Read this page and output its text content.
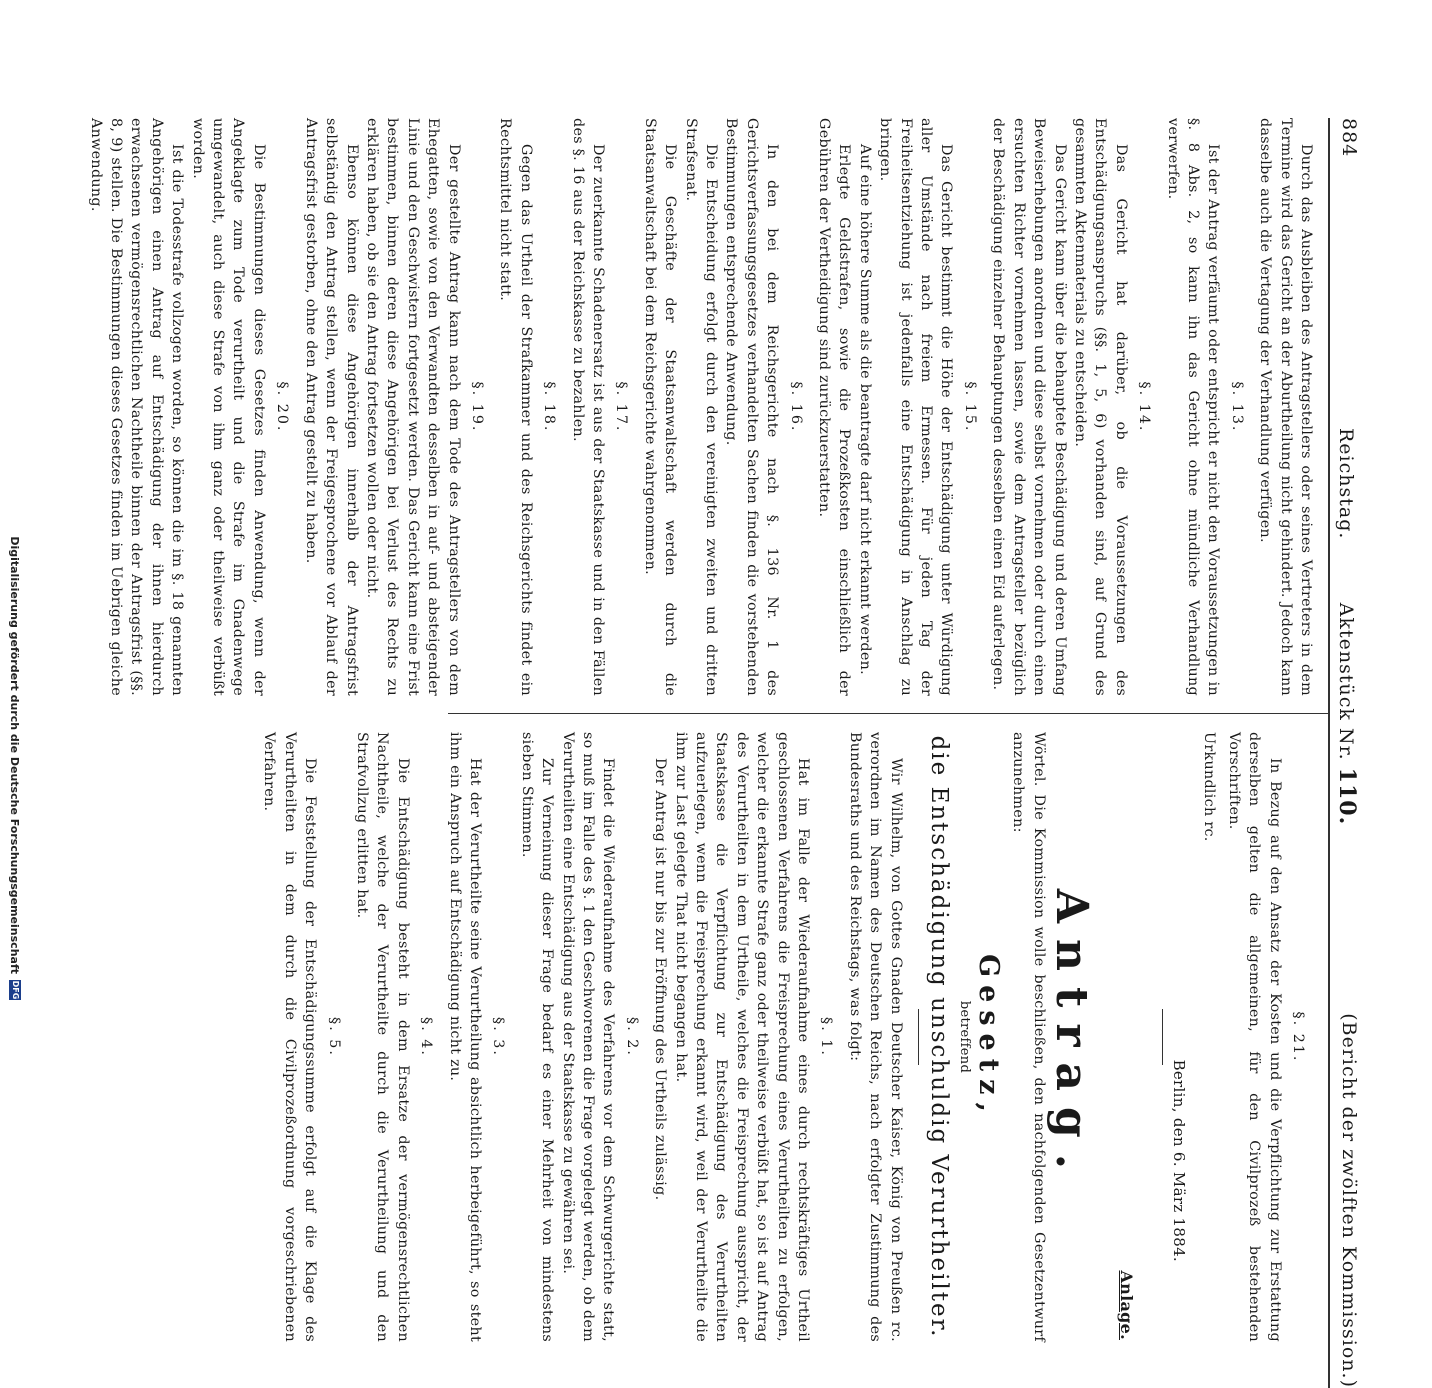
884
Reichstag.         Aktenstück Nr. 110.
(Bericht der zwölften Kommission.)

Durch das Ausbleiben des Antragstellers oder seines Vertreters in dem Termine wird das Gericht an der Aburtheilung nicht gehindert. Jedoch kann dasselbe auch die Vertagung der Verhandlung verfügen.

§. 13.

Ist der Antrag verfäumt oder entspricht er nicht den Voraussetzungen in §. 8 Abs. 2, so kann ihn das Gericht ohne mündliche Verhandlung verwerfen.

§. 14.

Das Gericht hat darüber, ob die Voraussetzungen des Entschädigungsanspruchs (§§. 1, 5, 6) vorhanden sind, auf Grund des gesammten Aktenmaterials zu entscheiden.

Das Gericht kann über die behauptete Beschädigung und deren Umfang Beweiserhebungen anordnen und diese selbst vornehmen oder durch einen ersuchten Richter vornehmen lassen, sowie dem Antragsteller bezüglich der Beschädigung einzelner Behauptungen desselben einen Eid auferlegen.

§. 15.

Das Gericht bestimmt die Höhe der Entschädigung unter Würdigung aller Umstände nach freiem Ermessen. Für jeden Tag der Freiheitsentziehung ist jedenfalls eine Entschädigung in Anschlag zu bringen.

Auf eine höhere Summe als die beantragte darf nicht erkannt werden.

Erlegte Geldstrafen, sowie die Prozeßkosten einschließlich der Gebühren der Vertheidigung sind zurückzuerstatten.

§. 16.

In den bei dem Reichsgerichte nach §. 136 Nr. 1 des Gerichtsverfassungsgesetzes verhandelten Sachen finden die vorstehenden Bestimmungen entsprechende Anwendung.

Die Entscheidung erfolgt durch den vereinigten zweiten und dritten Strafsenat.

Die Geschäfte der Staatsanwaltschaft werden durch die Staatsanwaltschaft bei dem Reichsgerichte wahrgenommen.

§. 17.

Der zuerkannte Schadenersatz ist aus der Staatskasse und in den Fällen des §. 16 aus der Reichskasse zu bezahlen.

§. 18.

Gegen das Urtheil der Strafkammer und des Reichsgerichts findet ein Rechtsmittel nicht statt.

§. 19.

Der gestellte Antrag kann nach dem Tode des Antragstellers von dem Ehegatten, sowie von den Verwandten desselben in auf- und absteigender Linie und den Geschwistern fortgesetzt werden. Das Gericht kann eine Frist bestimmen, binnen deren diese Angehörigen bei Verlust des Rechts zu erklären haben, ob sie den Antrag fortsetzen wollen oder nicht.

Ebenso können diese Angehörigen innerhalb der Antragsfrist selbständig den Antrag stellen, wenn der Freigesprochene vor Ablauf der Antragsfrist gestorben, ohne den Antrag gestellt zu haben.

§. 20.

Die Bestimmungen dieses Gesetzes finden Anwendung, wenn der Angeklagte zum Tode verurtheilt und die Strafe im Gnadenwege umgewandelt, auch diese Strafe von ihm ganz oder theilweise verbüßt worden.

Ist die Todesstrafe vollzogen worden, so können die im §. 18 genannten Angehörigen einen Antrag auf Entschädigung der ihnen hierdurch erwachsenen vermögensrechtlichen Nachtheile binnen der Antragsfrist (§§. 8, 9) stellen. Die Bestimmungen dieses Gesetzes finden im Uebrigen gleiche Anwendung.

§. 21.

In Bezug auf den Ansatz der Kosten und die Verpflichtung zur Erstattung derselben gelten die allgemeinen, für den Civilprozeß bestehenden Vorschriften.

Urkundlich rc.

Berlin, den 6. März 1884.
Anlage.
Antrag.

Wörtel. Die Kommission wolle beschließen, den nachfolgenden Gesetzentwurf anzunehmen:

Gesetz,
betreffend
die Entschädigung unschuldig Verurtheilter.

Wir Wilhelm, von Gottes Gnaden Deutscher Kaiser, König von Preußen rc. verordnen im Namen des Deutschen Reichs, nach erfolgter Zustimmung des Bundesraths und des Reichstags, was folgt:

§. 1.

Hat im Falle der Wiederaufnahme eines durch rechtskräftiges Urtheil geschlossenen Verfahrens die Freisprechung eines Verurtheilten zu erfolgen, welcher die erkannte Strafe ganz oder theilweise verbüßt hat, so ist auf Antrag des Verurtheilten in dem Urtheile, welches die Freisprechung ausspricht, der Staatskasse die Verpflichtung zur Entschädigung des Verurtheilten aufzuerlegen, wenn die Freisprechung erkannt wird, weil der Verurtheilte die ihm zur Last gelegte That nicht begangen hat.

Der Antrag ist nur bis zur Eröffnung des Urtheils zulässig.

§. 2.

Findet die Wiederaufnahme des Verfahrens vor dem Schwurgerichte statt, so muß im Falle des §. 1 den Geschworenen die Frage vorgelegt werden, ob dem Verurtheilten eine Entschädigung aus der Staatskasse zu gewähren sei.

Zur Verneinung dieser Frage bedarf es einer Mehrheit von mindestens sieben Stimmen.

§. 3.

Hat der Verurtheilte seine Verurtheilung absichtlich herbeigeführt, so steht ihm ein Anspruch auf Entschädigung nicht zu.

§. 4.

Die Entschädigung besteht in dem Ersatze der vermögensrechtlichen Nachtheile, welche der Verurtheilte durch die Verurtheilung und den Strafvollzug erlitten hat.

§. 5.

Die Feststellung der Entschädigungssumme erfolgt auf die Klage des Verurtheilten in dem durch die Civilprozeßordnung vorgeschriebenen Verfahren.

Digitalisierung gefördert durch die Deutsche Forschungsgemeinschaft
DFG
